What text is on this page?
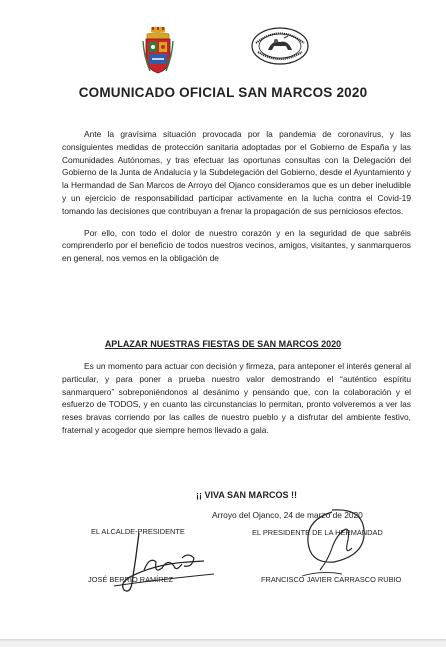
COMUNICADO OFICIAL SAN MARCOS 2020

Ante la gravísima situación provocada por la pandemia de coronavirus, y las consiguientes medidas de protección sanitaria adoptadas por el Gobierno de España y las Comunidades Autónomas, y tras efectuar las oportunas consultas con la Delegación del Gobierno de la Junta de Andalucía y la Subdelegación del Gobierno, desde el Ayuntamiento y la Hermandad de San Marcos de Arroyo del Ojanco consideramos que es un deber ineludible y un ejercicio de responsabilidad participar activamente en la lucha contra el Covid-19 tomando las decisiones que contribuyan a frenar la propagación de sus perniciosos efectos.

Por ello, con todo el dolor de nuestro corazón y en la seguridad de que sabréis comprenderlo por el beneficio de todos nuestros vecinos, amigos, visitantes, y sanmarqueros en general, nos vemos en la obligación de

APLAZAR NUESTRAS FIESTAS DE SAN MARCOS 2020

Es un momento para actuar con decisión y firmeza, para anteponer el interés general al particular, y para poner a prueba nuestro valor demostrando el “auténtico espíritu sanmarquero” sobreponiéndonos al desánimo y pensando que, con la colaboración y el esfuerzo de TODOS, y en cuanto las circunstancias lo permitan, pronto volveremos a ver las reses bravas corriendo por las calles de nuestro pueblo y a disfrutar del ambiente festivo, fraternal y acogedor que siempre hemos llevado a gala.

¡¡ VIVA SAN MARCOS !!
Arroyo del Ojanco, 24 de marzo de 2020
EL ALCALDE-PRESIDENTE	EL PRESIDENTE DE LA HERMANDAD
JOSÉ BERRIO RAMÍREZ	FRANCISCO JAVIER CARRASCO RUBIO
